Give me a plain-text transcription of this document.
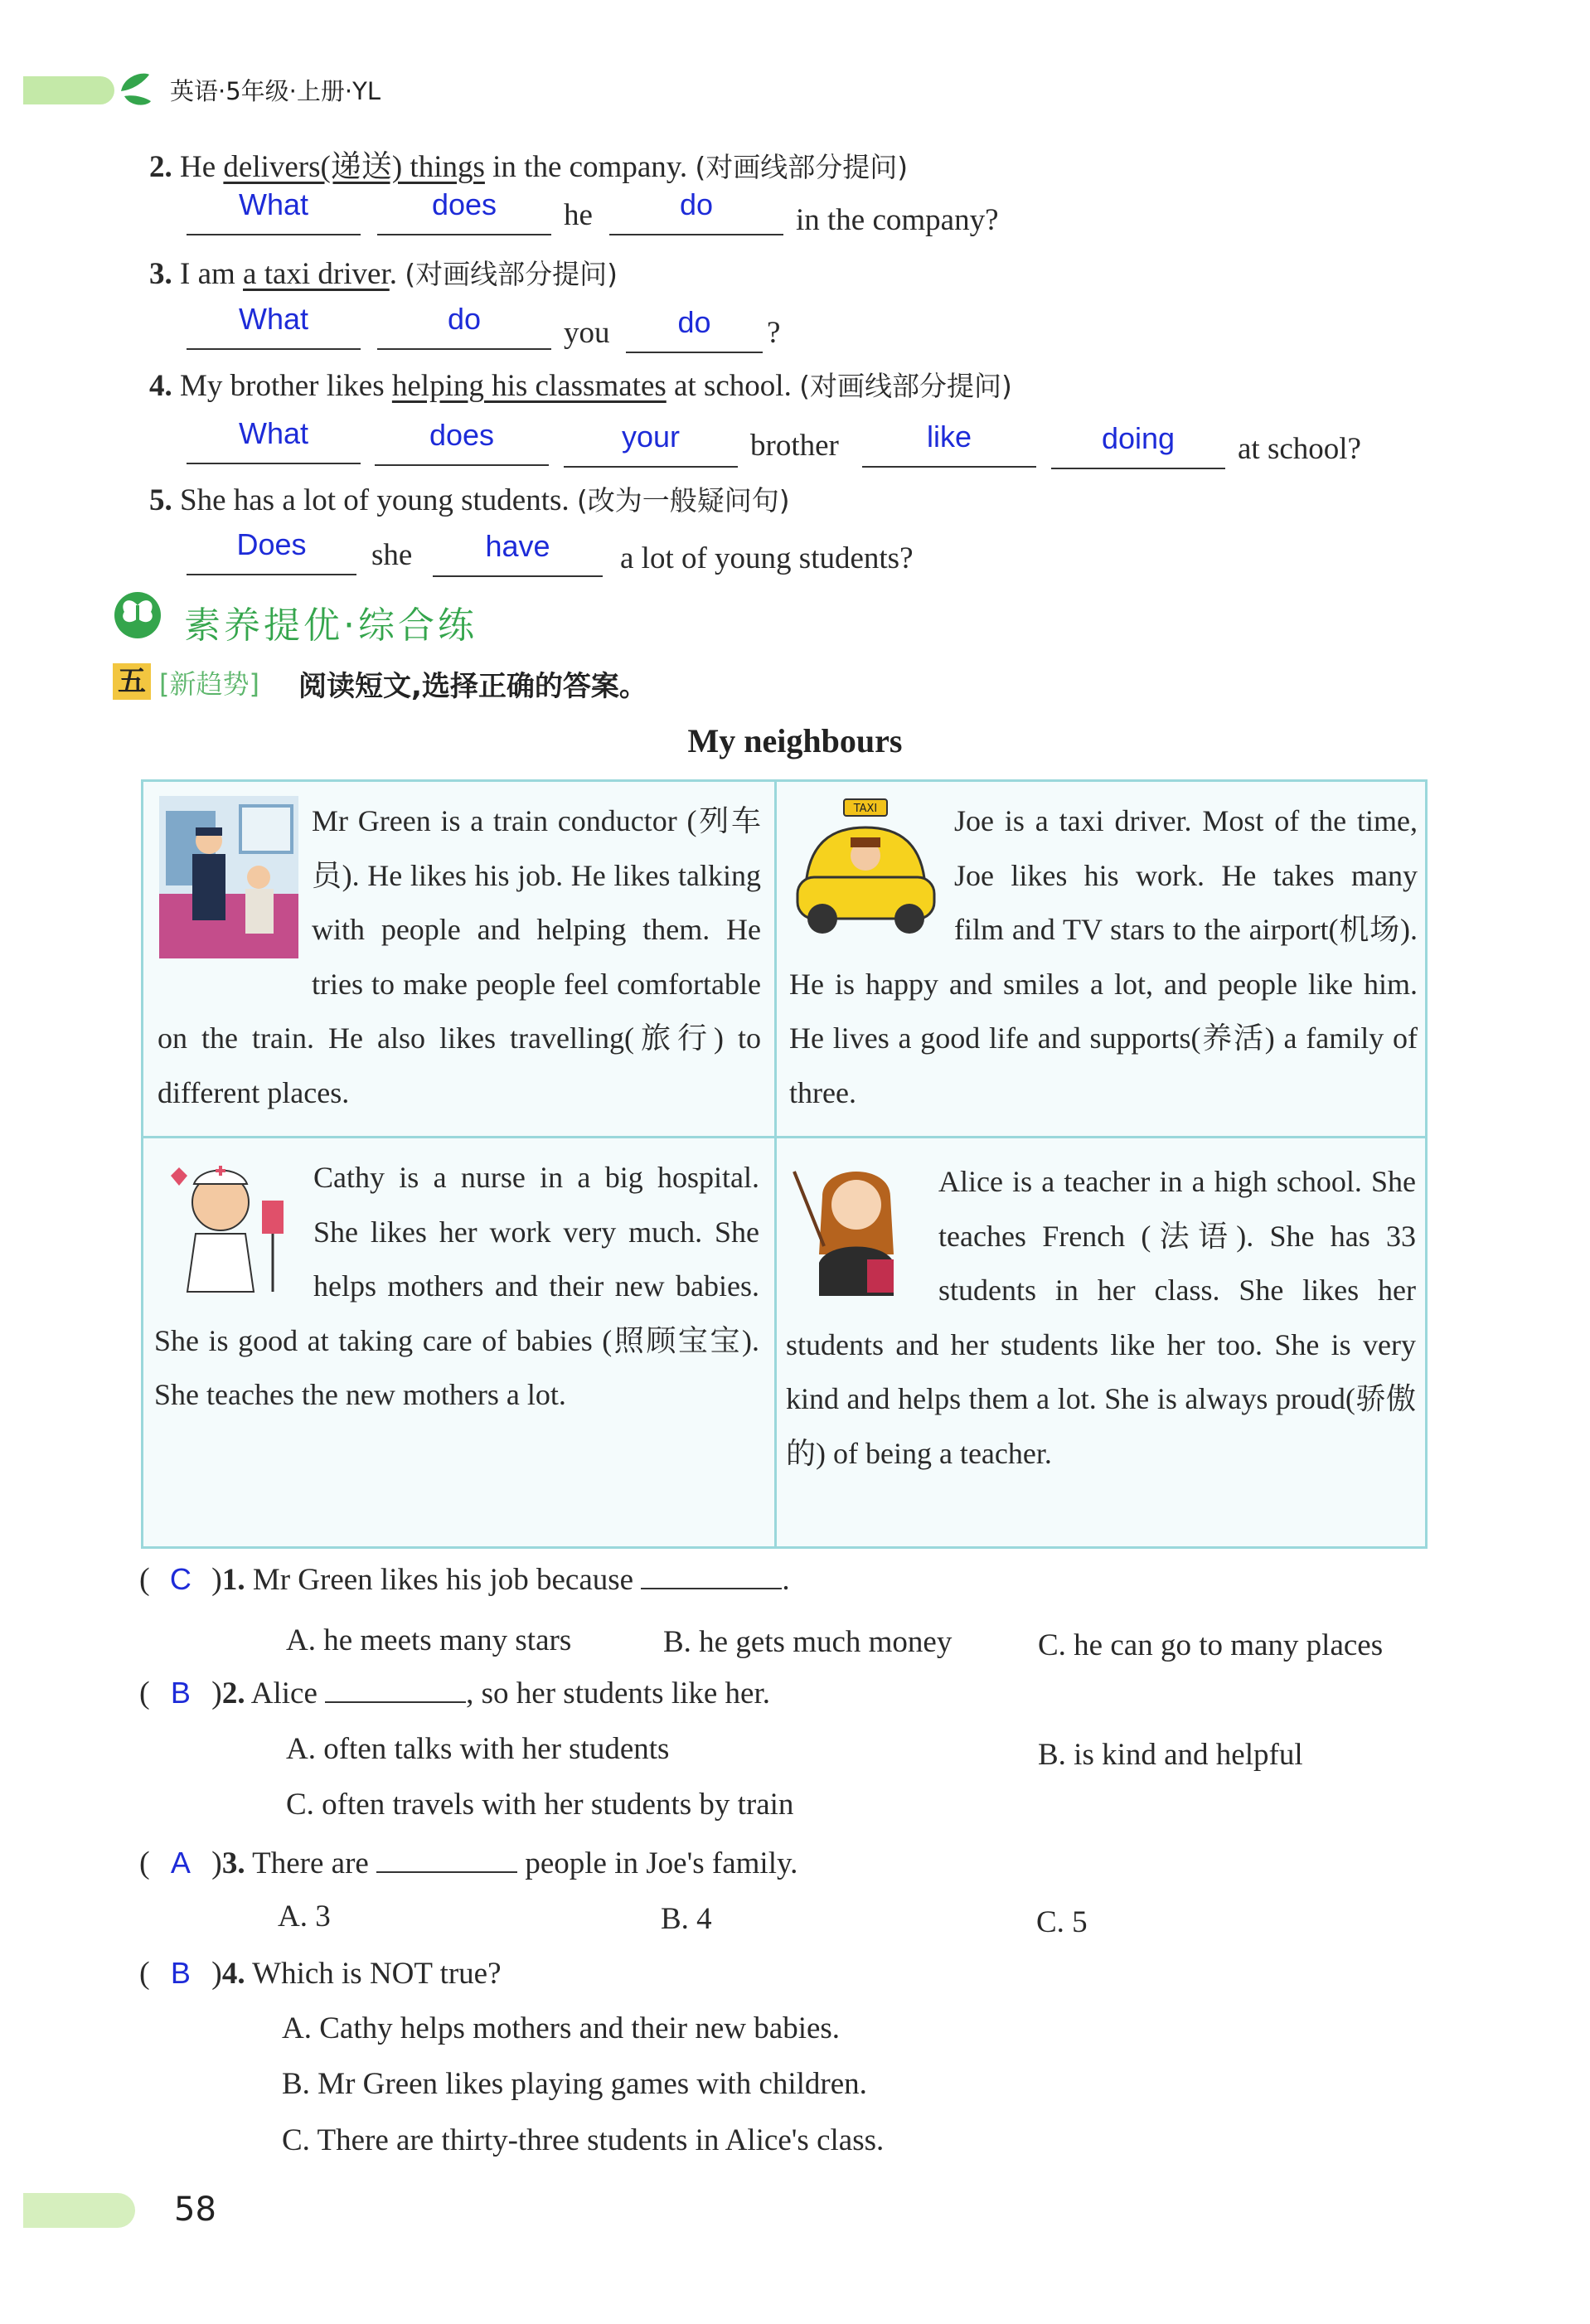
英语·5年级·上册·YL
2. He delivers(递送) things in the company. (对画线部分提问)
What	does	he	do	in the company?
3. I am a taxi driver. (对画线部分提问)
What	do	you	do	?
4. My brother likes helping his classmates at school. (对画线部分提问)
What	does	your	brother	like	doing	at school?
5. She has a lot of young students. (改为一般疑问句)
Does	she	have	a lot of young students?
素养提优·综合练
五 [新趋势] 阅读短文,选择正确的答案。
My neighbours
Mr Green is a train conductor (列车员). He likes his job. He likes talking with people and helping them. He tries to make people feel comfortable on the train. He also likes travelling(旅行) to different places.
TAXI	Joe is a taxi driver. Most of the time, Joe likes his work. He takes many film and TV stars to the airport(机场). He is happy and smiles a lot, and people like him. He lives a good life and supports(养活) a family of three.
Cathy is a nurse in a big hospital. She likes her work very much. She helps mothers and their new babies. She is good at taking care of babies (照顾宝宝). She teaches the new mothers a lot.
Alice is a teacher in a high school. She teaches French (法语). She has 33 students in her class. She likes her students and her students like her too. She is very kind and helps them a lot. She is always proud(骄傲的) of being a teacher.
( C )1. Mr Green likes his job because	.
A. he meets many stars	B. he gets much money	C. he can go to many places
( B )2. Alice	, so her students like her.
A. often talks with her students	B. is kind and helpful
C. often travels with her students by train
( A )3. There are	people in Joe's family.
A. 3	B. 4	C. 5
( B )4. Which is NOT true?
A. Cathy helps mothers and their new babies.
B. Mr Green likes playing games with children.
C. There are thirty-three students in Alice's class.
58
